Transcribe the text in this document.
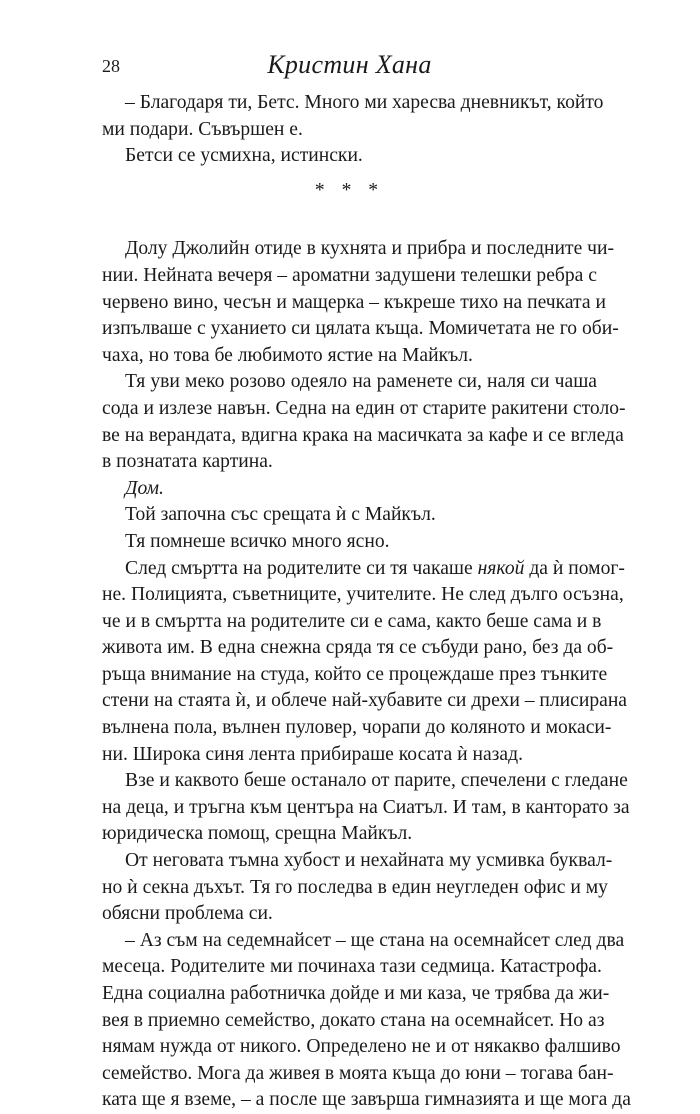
28	Кристин Хана
– Благодаря ти, Бетс. Много ми харесва дневникът, който
ми подари. Съвършен е.
Бетси се усмихна, истински.
* * *
Долу Джолийн отиде в кухнята и прибра и последните чи-
нии. Нейната вечеря – ароматни задушени телешки ребра с
червено вино, чесън и мащерка – къкреше тихо на печката и
изпълваше с уханието си цялата къща. Момичетата не го оби-
чаха, но това бе любимото ястие на Майкъл.
Тя уви меко розово одеяло на раменете си, наля си чаша
сода и излезе навън. Седна на един от старите ракитени столо-
ве на верандата, вдигна крака на масичката за кафе и се вгледа
в познатата картина.
Дом.
Той започна със срещата ѝ с Майкъл.
Тя помнеше всичко много ясно.
След смъртта на родителите си тя чакаше някой да ѝ помог-
не. Полицията, съветниците, учителите. Не след дълго осъзна,
че и в смъртта на родителите си е сама, както беше сама и в
живота им. В една снежна сряда тя се събуди рано, без да об-
ръща внимание на студа, който се процеждаше през тънките
стени на стаята ѝ, и облече най-хубавите си дрехи – плисирана
вълнена пола, вълнен пуловер, чорапи до коляното и мокаси-
ни. Широка синя лента прибираше косата ѝ назад.
Взе и каквото беше останало от парите, спечелени с гледане
на деца, и тръгна към центъра на Сиатъл. И там, в канторато за
юридическа помощ, срещна Майкъл.
От неговата тъмна хубост и нехайната му усмивка буквал-
но ѝ секна дъхът. Тя го последва в един неугледен офис и му
обясни проблема си.
– Аз съм на седемнайсет – ще стана на осемнайсет след два
месеца. Родителите ми починаха тази седмица. Катастрофа.
Една социална работничка дойде и ми каза, че трябва да жи-
вея в приемно семейство, докато стана на осемнайсет. Но аз
нямам нужда от никого. Определено не и от някакво фалшиво
семейство. Мога да живея в моята къща до юни – тогава бан-
ката ще я вземе, – а после ще завърша гимназията и ще мога да
